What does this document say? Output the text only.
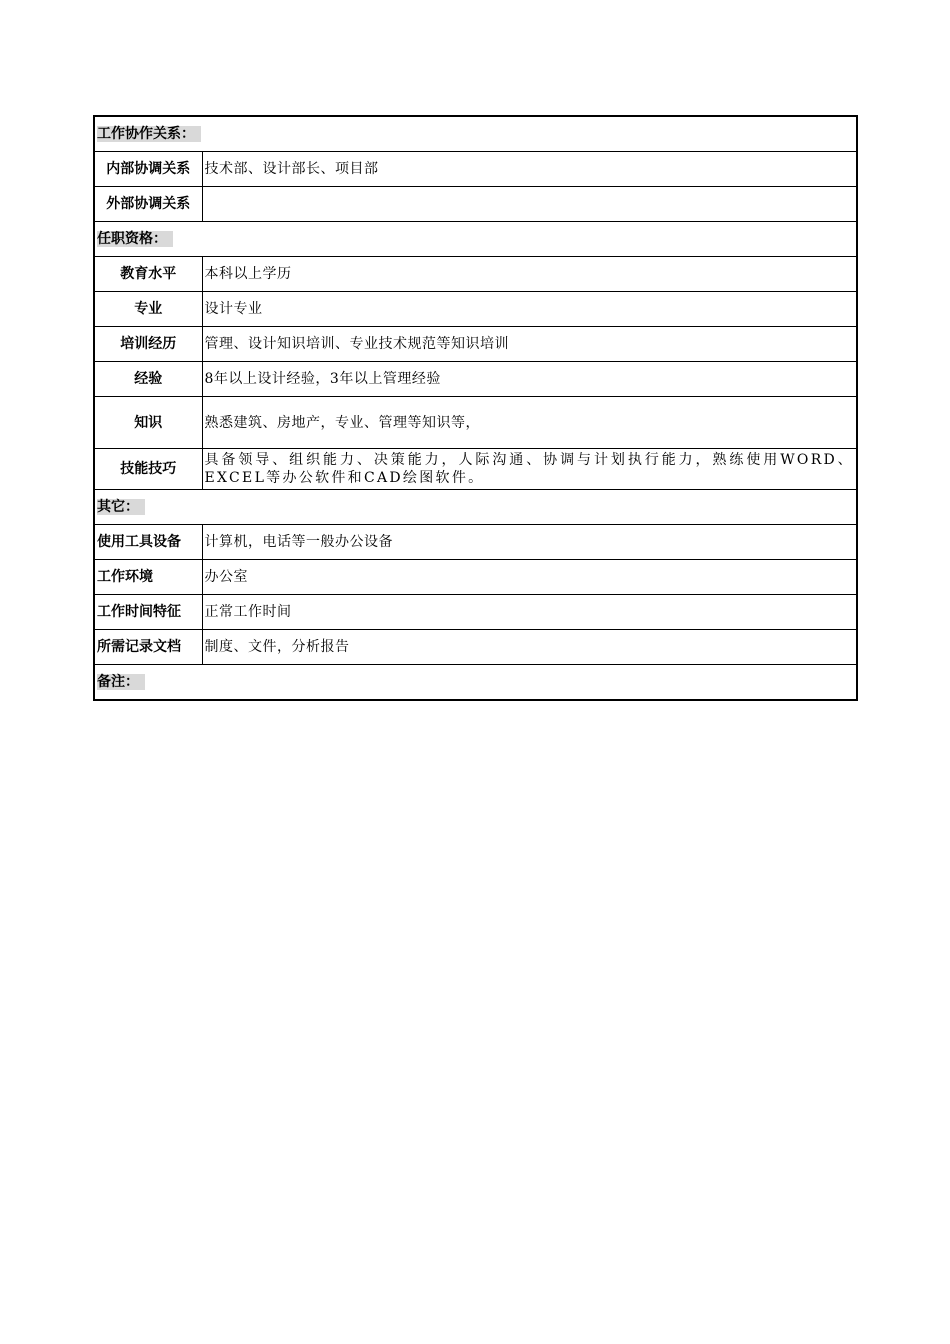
工作协作关系：	
内部协调关系	技术部、设计部长、项目部
外部协调关系	
任职资格：	
教育水平	本科以上学历
专业	设计专业
培训经历	管理、设计知识培训、专业技术规范等知识培训
经验	8年以上设计经验，3年以上管理经验
知识	熟悉建筑、房地产，专业、管理等知识等，
技能技巧	具备领导、组织能力、决策能力，人际沟通、协调与计划执行能力，熟练使用WORD、EXCEL等办公软件和CAD绘图软件。
其它：	
使用工具设备	计算机，电话等一般办公设备
工作环境	办公室
工作时间特征	正常工作时间
所需记录文档	制度、文件，分析报告
备注：	
